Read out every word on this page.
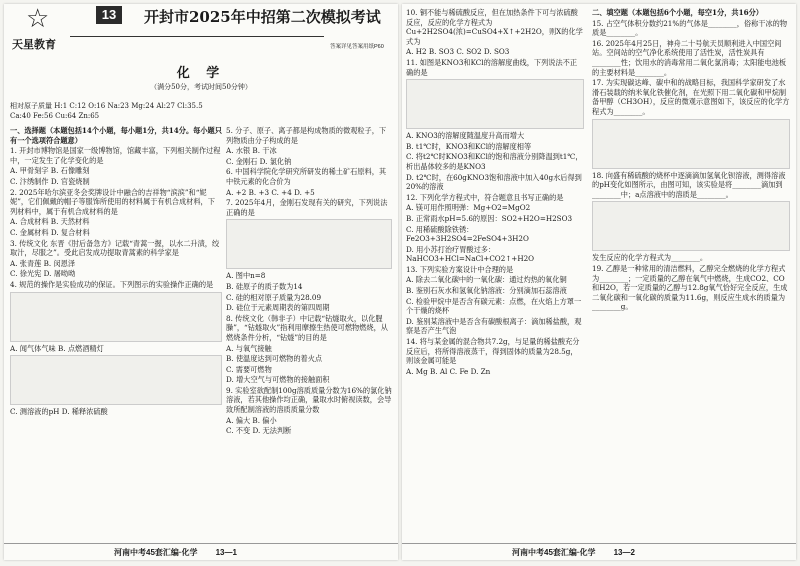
☆
天星教育
13	开封市2025年中招第二次模拟考试
答案详见答案用纸P60
化 学
（满分50分，考试时间50分钟）
相对原子质量 H:1 C:12 O:16 Na:23 Mg:24 Al:27 Cl:35.5 Ca:40 Fe:56 Cu:64 Zn:65

一、选择题（本题包括14个小题，每小题1分，共14分。每小题只有一个选项符合题意）

1. 开封市博物馆是国家一级博物馆，馆藏丰富，下列相关制作过程中，一定发生了化学变化的是

A. 甲骨刻字 B. 石像雕刻

C. 汴绣制作 D. 官瓷烧制

2. 2025年哈尔滨亚冬会奖牌设计中融合的吉祥物“滨滨”和“妮妮”，它们佩戴的帽子等服饰所使用的材料属于有机合成材料，下列材料中，属于有机合成材料的是

A. 合成材料 B. 天然材料

C. 金属材料 D. 复合材料

3. 传统文化 东晋《肘后备急方》记载“青蒿一握，以水二升渍，绞取汁，尽服之”。受此启发成功提取青蒿素的科学家是

A. 张青莲 B. 闵恩泽

C. 徐光宪 D. 屠呦呦

4. 规范的操作是实验成功的保证。下列图示的实验操作正确的是

A. 闻气体气味 B. 点燃酒精灯

C. 测溶液的pH D. 稀释浓硫酸

5. 分子、原子、离子都是构成物质的微观粒子，下列物质由分子构成的是

A. 水银 B. 干冰

C. 金刚石 D. 氯化钠

6. 中国科学院化学研究所研发的稀土矿石原料，其中铁元素的化合价为

A. +2 B. +3 C. +4 D. +5

7. 2025年4月，金刚石发现有关的研究，下列说法正确的是

A. 图中n=8

B. 硅原子的质子数为14

C. 硅的相对原子质量为28.09

D. 硅位于元素周期表的第四周期

8. 传统文化（韩非子）中记载“钻燧取火，以化腥臊”，“钻燧取火”指利用摩擦生热使可燃物燃烧，从燃烧条件分析，“钻燧”的目的是

A. 与氧气接触

B. 使温度达到可燃物的着火点

C. 需要可燃物

D. 增大空气与可燃物的接触面积

9. 实验室欲配制100g溶质质量分数为16%的氯化钠溶液，若其他操作均正确，量取水时俯视读数，会导致所配制溶液的溶质质量分数

A. 偏大 B. 偏小

C. 不变 D. 无法判断

河南中考45套汇编·化学 13—1

10. 铜不能与稀硫酸反应，但在加热条件下可与浓硫酸反应，反应的化学方程式为 Cu+2H2SO4(浓)=CuSO4+X↑+2H2O，则X的化学式为

A. H2 B. SO3 C. SO2 D. SO3

11. 如图是KNO3和KCl的溶解度曲线，下列说法不正确的是

A. KNO3的溶解度随温度升高而增大

B. t1℃时，KNO3和KCl的溶解度相等

C. 将t2℃时KNO3和KCl的饱和溶液分别降温到t1℃，析出晶体较多的是KNO3

D. t2℃时，在60gKNO3饱和溶液中加入40g水后得到20%的溶液

12. 下列化学方程式中，符合题意且书写正确的是

A. 镁可用作照明弹：Mg+O2=MgO2

B. 正常雨水pH=5.6的原因：SO2+H2O=H2SO3

C. 用稀硫酸除铁锈：Fe2O3+3H2SO4=2FeSO4+3H2O

D. 用小苏打治疗胃酸过多：NaHCO3+HCl=NaCl+CO2↑+H2O

13. 下列实验方案设计中合理的是

A. 除去二氧化碳中的一氧化碳：通过灼热的氧化铜

B. 鉴别石灰水和氢氧化钠溶液：分别滴加石蕊溶液

C. 检验甲烷中是否含有碳元素：点燃，在火焰上方罩一个干燥的烧杯

D. 鉴别某溶液中是否含有碳酸根离子：滴加稀盐酸，观察是否产生气泡

14. 将与某金属的混合物共7.2g，与足量的稀盐酸充分反应后，将所得溶液蒸干，得到固体的质量为28.5g，则该金属可能是

A. Mg B. Al C. Fe D. Zn

二、填空题（本题包括6个小题，每空1分，共16分）

15. 占空气体积分数约21%的气体是________，俗称干冰的物质是________。

16. 2025年4月25日，神舟二十号航天员顺利进入中国空间站。空间站的空气净化系统使用了活性炭，活性炭具有________性；饮用水的消毒常用二氧化氯消毒；太阳能电池板的主要材料是________。

17. 为实现碳达峰、碳中和的战略目标，我国科学家研发了水滑石装载的纳米氧化铁催化剂，在光照下用二氧化碳和甲烷制备甲醇（CH3OH），反应的微观示意图如下，该反应的化学方程式为________。

18. 向盛有稀硫酸的烧杯中逐滴滴加氢氧化钡溶液，测得溶液的pH变化如图所示，由图可知，该实验是将________滴加到________中；a点溶液中的溶质是________。

发生反应的化学方程式为________。

19. 乙醇是一种常用的清洁燃料，乙醇完全燃烧的化学方程式为________；一定质量的乙醇在氧气中燃烧，生成CO2、CO和H2O，若一定质量的乙醇与12.8g氧气恰好完全反应，生成二氧化碳和一氧化碳的质量为11.6g，则反应生成水的质量为________g。

河南中考45套汇编·化学 13—2
